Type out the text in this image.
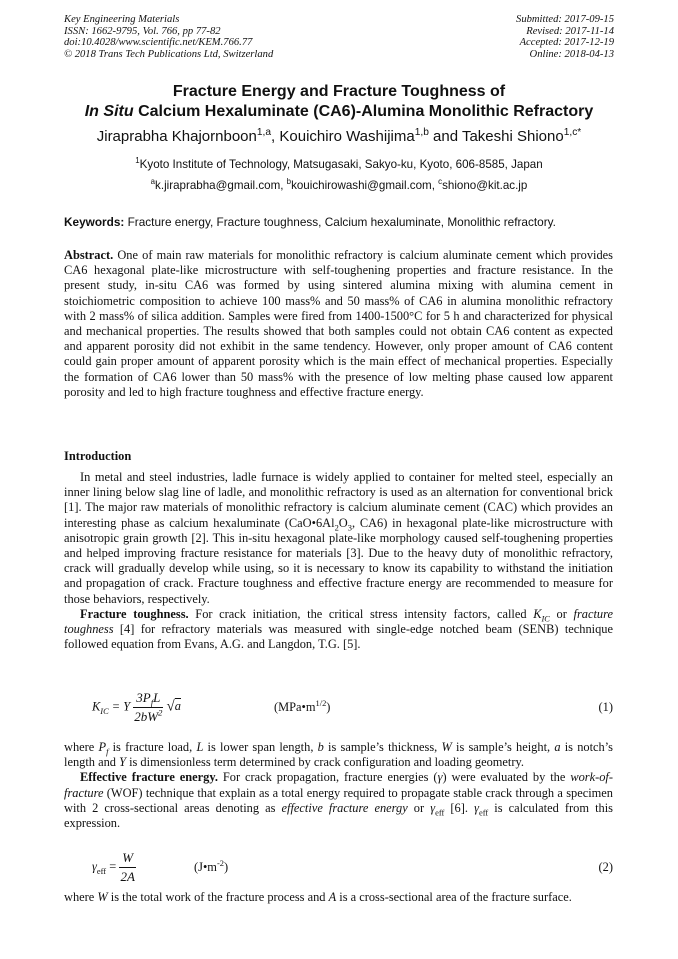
Key Engineering Materials
ISSN: 1662-9795, Vol. 766, pp 77-82
doi:10.4028/www.scientific.net/KEM.766.77
© 2018 Trans Tech Publications Ltd, Switzerland
Submitted: 2017-09-15
Revised: 2017-11-14
Accepted: 2017-12-19
Online: 2018-04-13
Fracture Energy and Fracture Toughness of
In Situ Calcium Hexaluminate (CA6)-Alumina Monolithic Refractory
Jiraprabha Khajornboon$^{1,a}$, Kouichiro Washijima$^{1,b}$ and Takeshi Shiono$^{1,c*}$
$^1$Kyoto Institute of Technology, Matsugasaki, Sakyo-ku, Kyoto, 606-8585, Japan
$^a$k.jiraprabha@gmail.com, $^b$kouichirowashi@gmail.com, $^c$shiono@kit.ac.jp
Keywords: Fracture energy, Fracture toughness, Calcium hexaluminate, Monolithic refractory.

Abstract. One of main raw materials for monolithic refractory is calcium aluminate cement which provides CA6 hexagonal plate-like microstructure with self-toughening properties and fracture resistance. In the present study, in-situ CA6 was formed by using sintered alumina mixing with alumina cement in stoichiometric composition to achieve 100 mass% and 50 mass% of CA6 in alumina monolithic refractory with 2 mass% of silica addition. Samples were fired from 1400-1500°C for 5 h and characterized for physical and mechanical properties. The results showed that both samples could not obtain CA6 content as expected and apparent porosity did not exhibit in the same tendency. However, only proper amount of CA6 content could gain proper amount of apparent porosity which is the main effect of mechanical properties. Especially the formation of CA6 lower than 50 mass% with the presence of low melting phase caused low apparent porosity and led to high fracture toughness and effective fracture energy.

Introduction

In metal and steel industries, ladle furnace is widely applied to container for melted steel, especially an inner lining below slag line of ladle, and monolithic refractory is used as an alternation for conventional brick [1]. The major raw materials of monolithic refractory is calcium aluminate cement (CAC) which provides an interesting phase as calcium hexaluminate ($CaO•6Al_2O_3$, CA6) in hexagonal plate-like microstructure with anisotropic grain growth [2]. This in-situ hexagonal plate-like morphology caused self-toughening properties and helped improving fracture resistance for materials [3]. Due to the heavy duty of monolithic refractory, crack will gradually develop while using, so it is necessary to know its capability to withstand the initiation and propagation of crack. Fracture toughness and effective fracture energy are recommended to measure for those behaviors, respectively.

Fracture toughness. For crack initiation, the critical stress intensity factors, called $K_{IC}$ or fracture toughness [4] for refractory materials was measured with single-edge notched beam (SENB) technique followed equation from Evans, A.G. and Langdon, T.G. [5].

$K_{IC} = Y \frac{3P_fL}{2bW^2} √a$	$(MPa•m^{1/2})$	(1)

where $P_f$ is fracture load, L is lower span length, b is sample’s thickness, W is sample’s height, a is notch’s length and Y is dimensionless term determined by crack configuration and loading geometry.

Effective fracture energy. For crack propagation, fracture energies (γ) were evaluated by the work-of-fracture (WOF) technique that explain as a total energy required to propagate stable crack through a specimen with 2 cross-sectional areas denoting as effective fracture energy or $\gamma_{eff}$ [6]. $\gamma_{eff}$ is calculated from this expression.

$\gamma_{eff} = \frac{W}{2A}$	$(J•m^{-2})$	(2)

where W is the total work of the fracture process and A is a cross-sectional area of the fracture surface.
